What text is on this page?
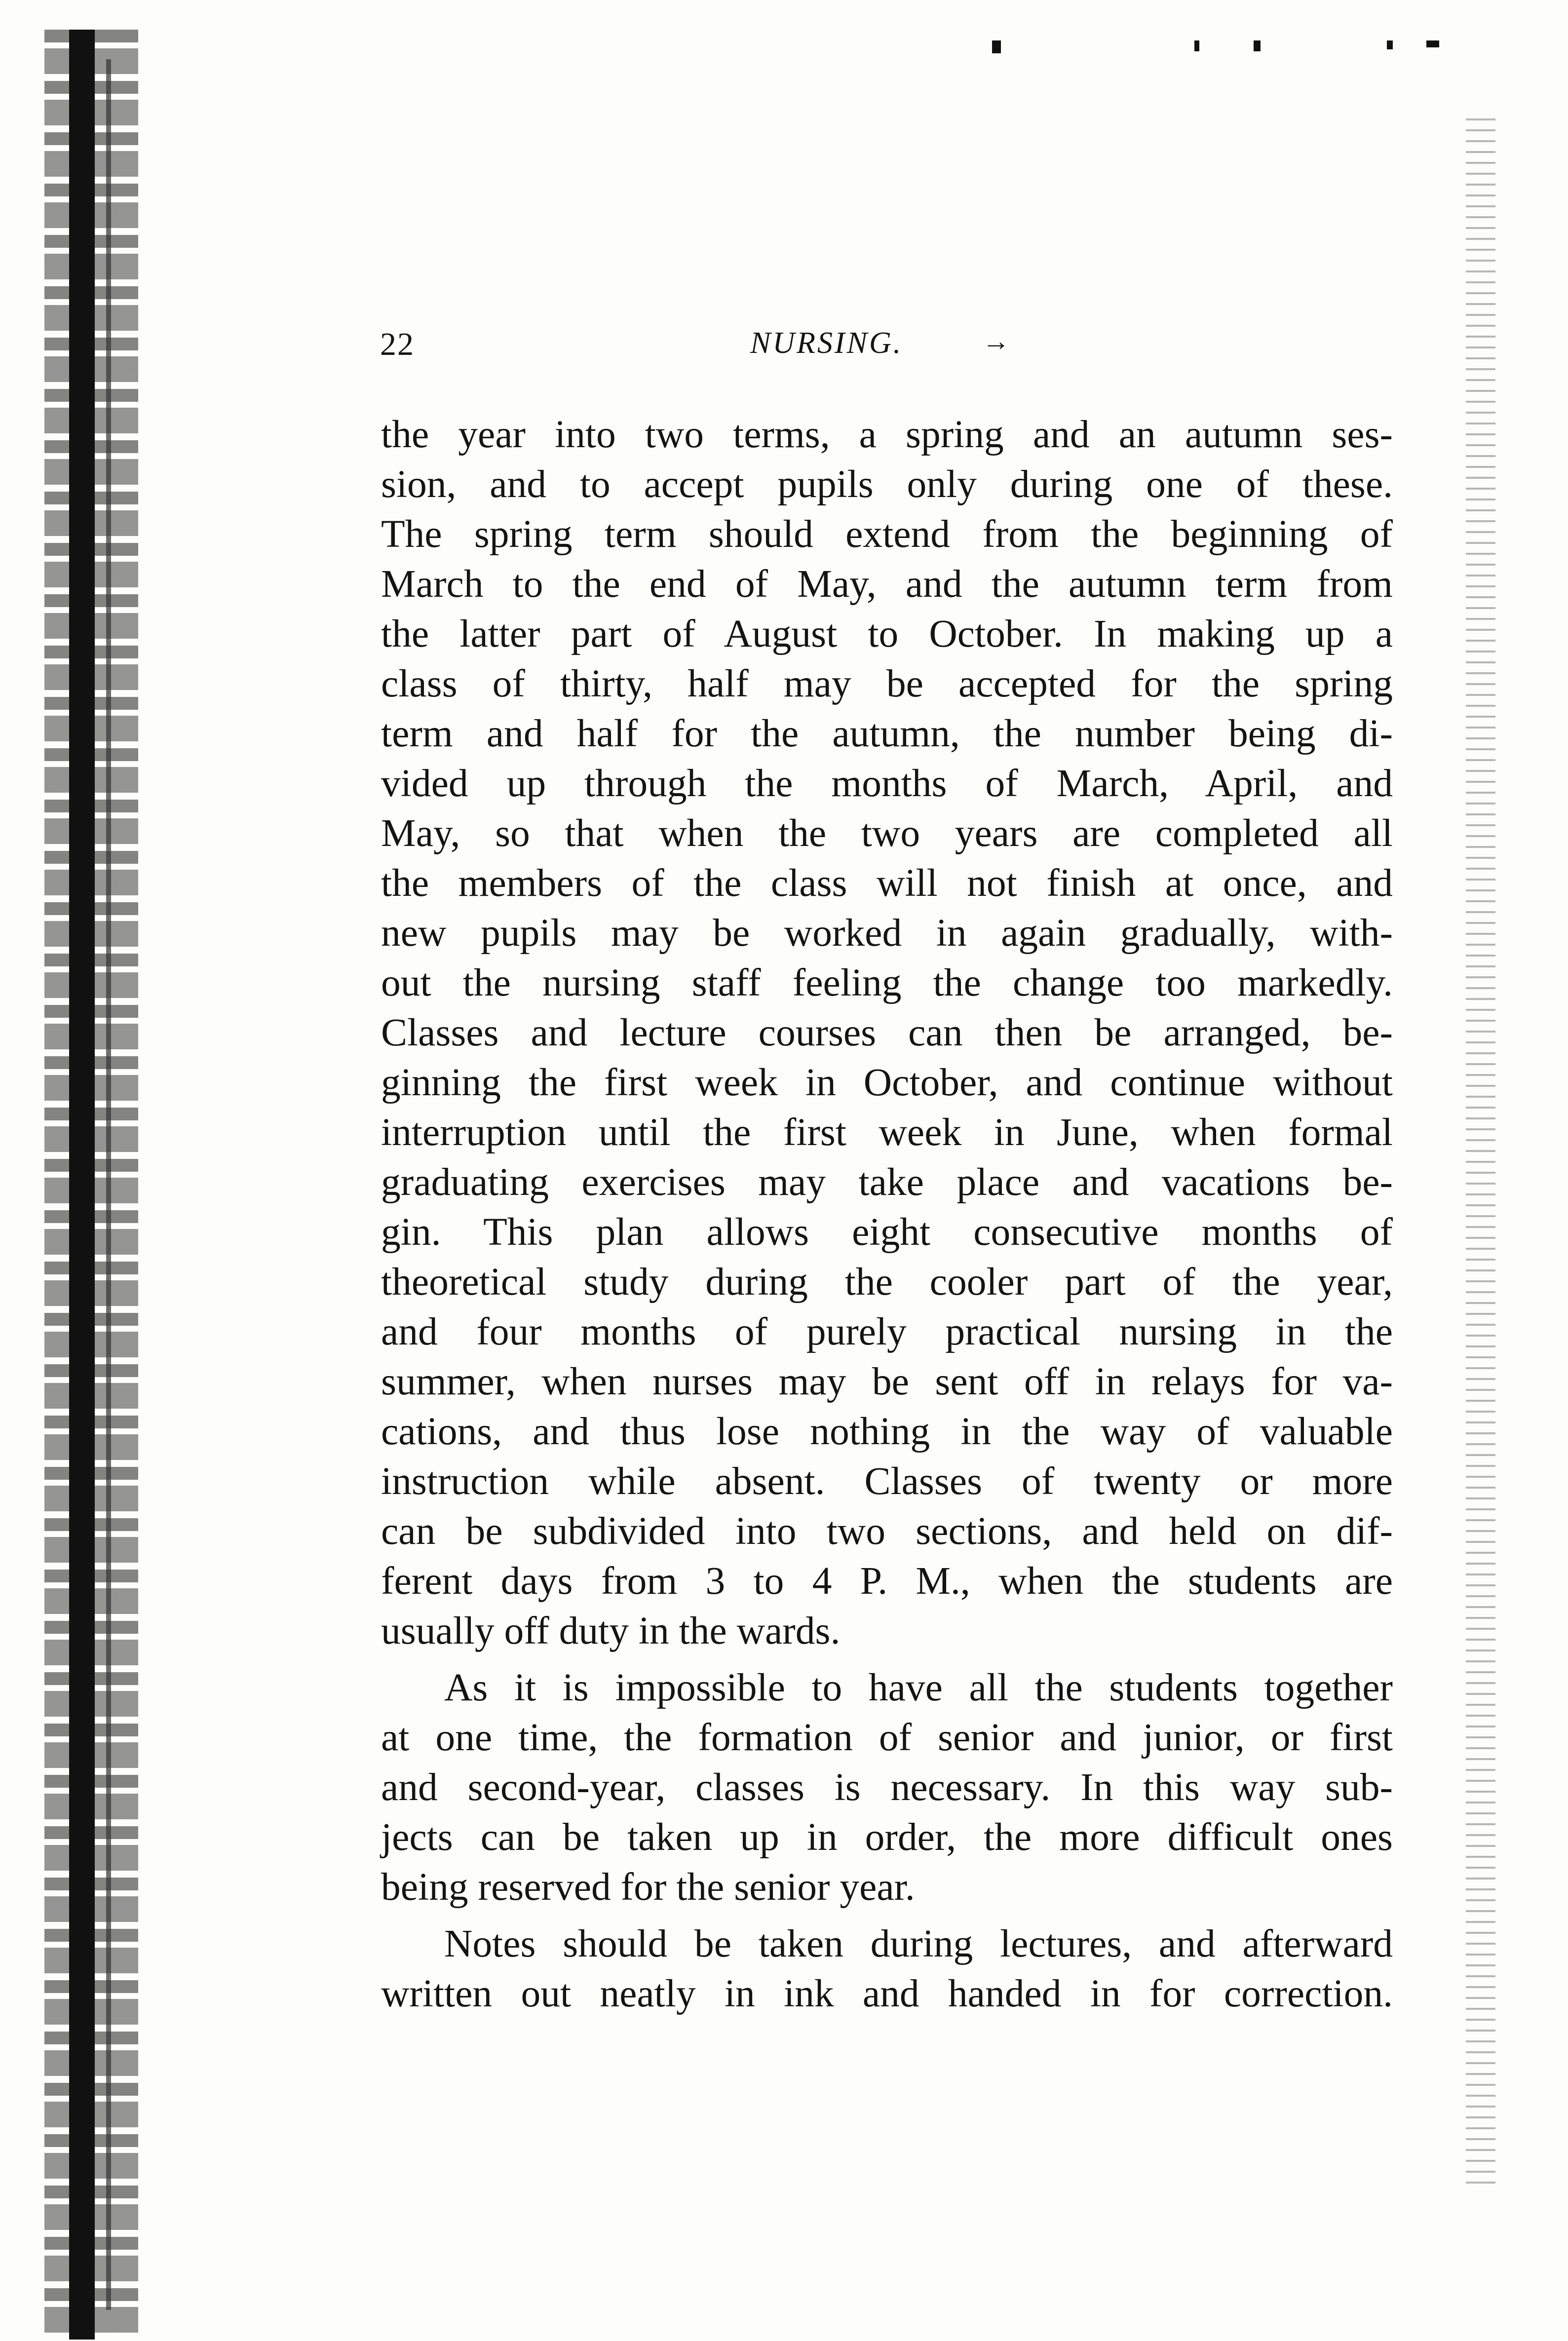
22	NURSING.	→
the year into two terms, a spring and an autumn ses-
sion, and to accept pupils only during one of these.
The spring term should extend from the beginning of
March to the end of May, and the autumn term from
the latter part of August to October. In making up a
class of thirty, half may be accepted for the spring
term and half for the autumn, the number being di-
vided up through the months of March, April, and
May, so that when the two years are completed all
the members of the class will not finish at once, and
new pupils may be worked in again gradually, with-
out the nursing staff feeling the change too markedly.
Classes and lecture courses can then be arranged, be-
ginning the first week in October, and continue without
interruption until the first week in June, when formal
graduating exercises may take place and vacations be-
gin. This plan allows eight consecutive months of
theoretical study during the cooler part of the year,
and four months of purely practical nursing in the
summer, when nurses may be sent off in relays for va-
cations, and thus lose nothing in the way of valuable
instruction while absent. Classes of twenty or more
can be subdivided into two sections, and held on dif-
ferent days from 3 to 4 P. M., when the students are
usually off duty in the wards.
As it is impossible to have all the students together
at one time, the formation of senior and junior, or first
and second-year, classes is necessary. In this way sub-
jects can be taken up in order, the more difficult ones
being reserved for the senior year.
Notes should be taken during lectures, and afterward
written out neatly in ink and handed in for correction.
